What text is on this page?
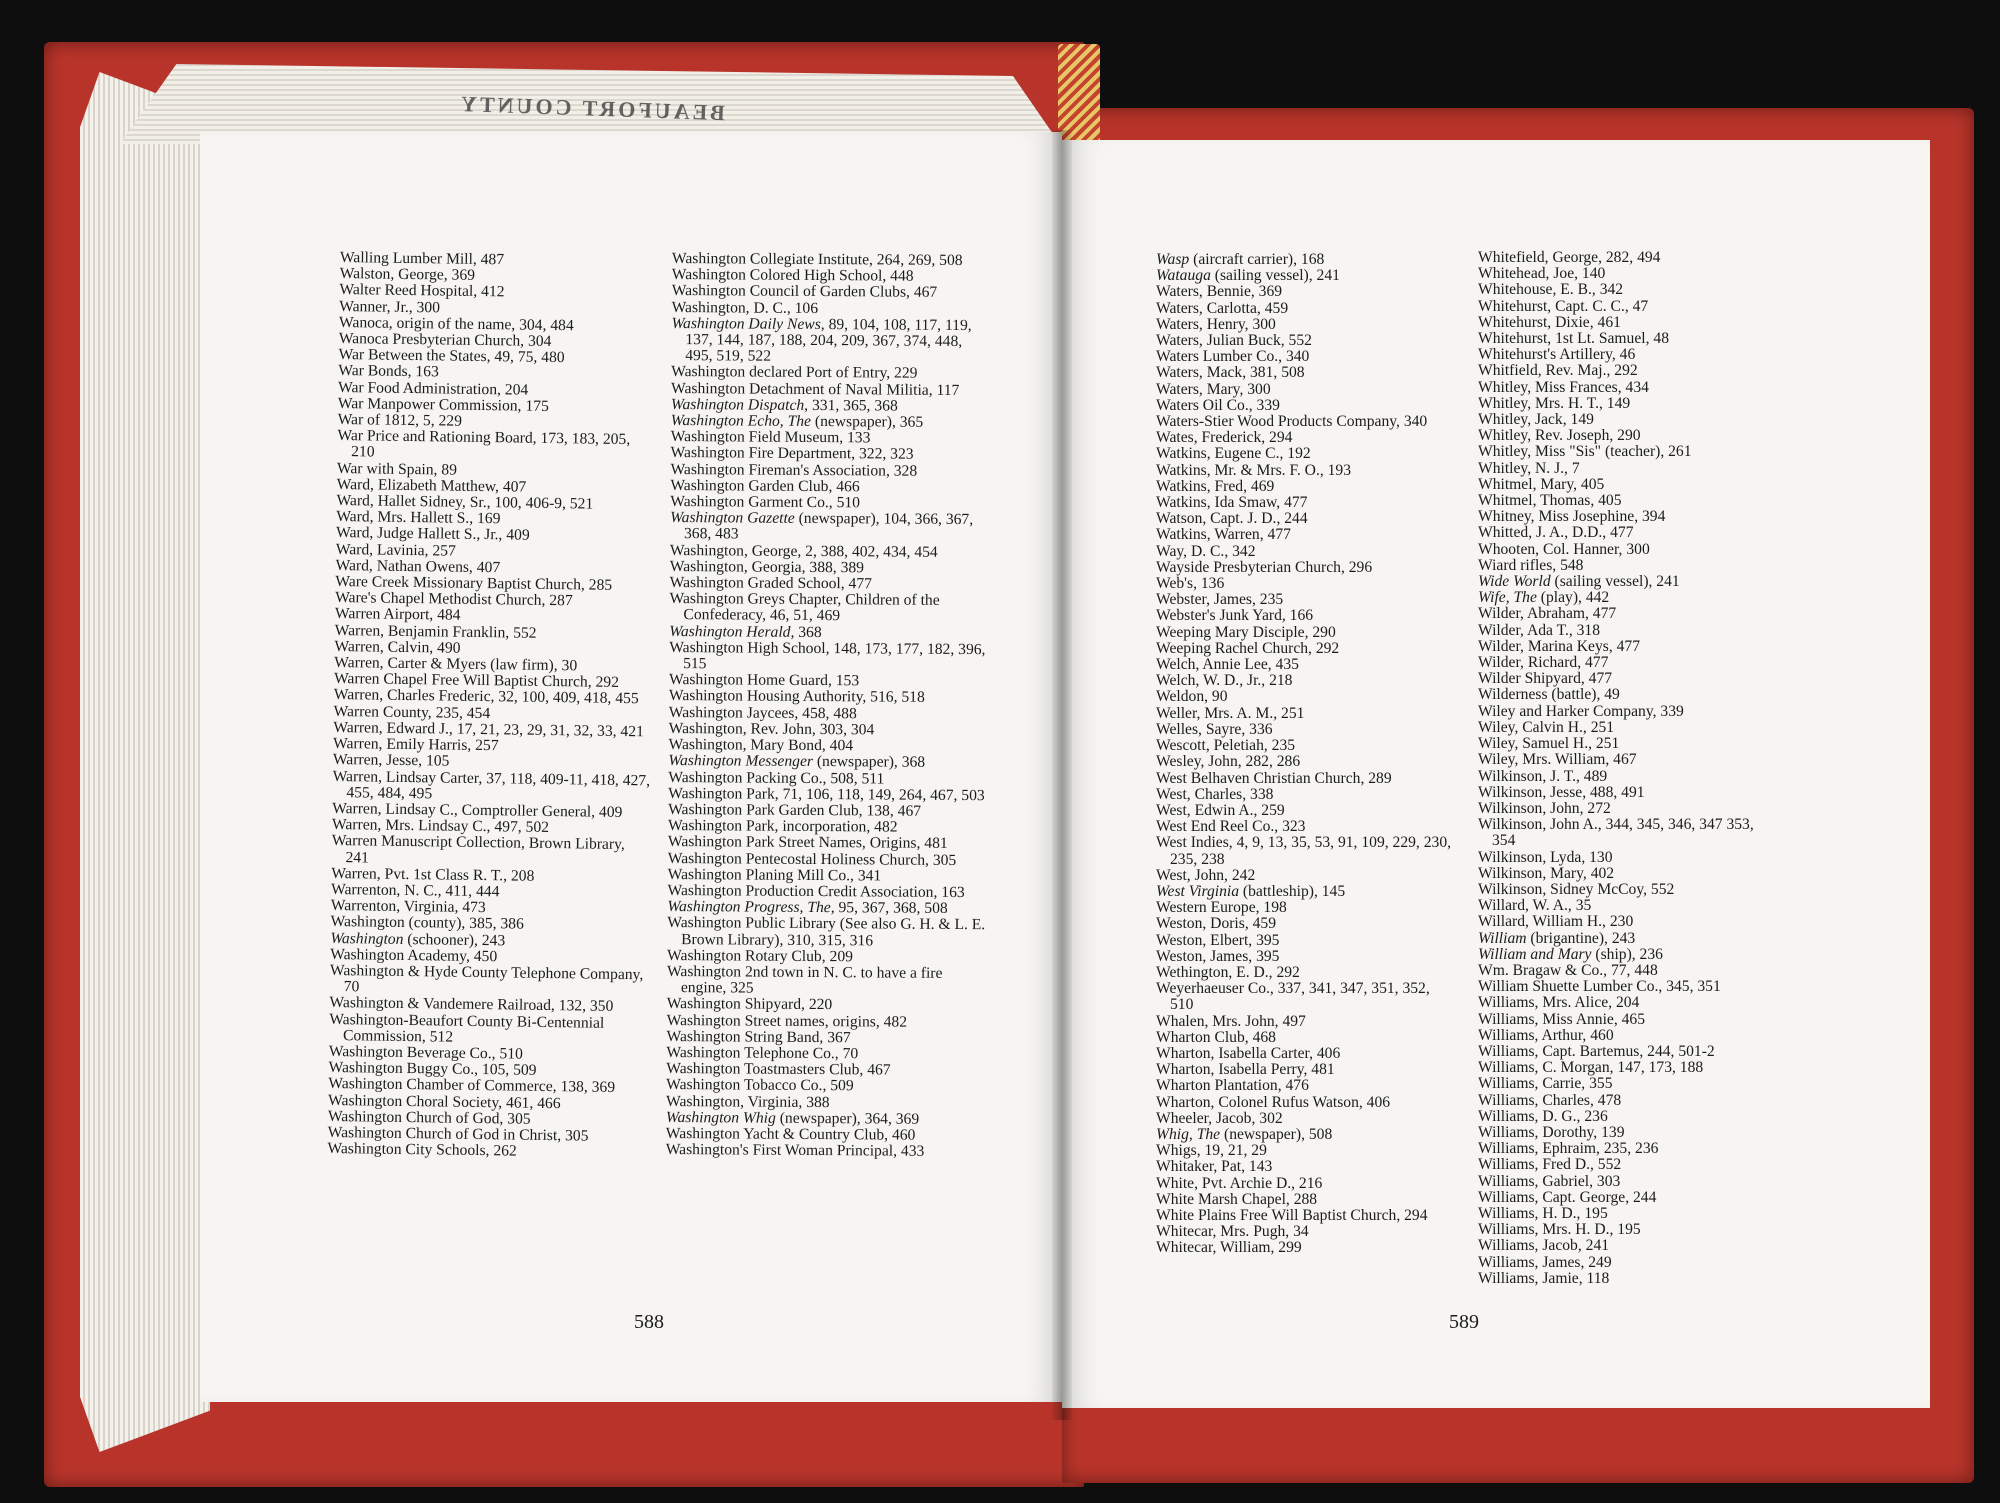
BEAUFORT COUNTY
Walling Lumber Mill, 487
Walston, George, 369
Walter Reed Hospital, 412
Wanner, Jr., 300
Wanoca, origin of the name, 304, 484
Wanoca Presbyterian Church, 304
War Between the States, 49, 75, 480
War Bonds, 163
War Food Administration, 204
War Manpower Commission, 175
War of 1812, 5, 229
War Price and Rationing Board, 173, 183, 205, 210
War with Spain, 89
Ward, Elizabeth Matthew, 407
Ward, Hallet Sidney, Sr., 100, 406-9, 521
Ward, Mrs. Hallett S., 169
Ward, Judge Hallett S., Jr., 409
Ward, Lavinia, 257
Ward, Nathan Owens, 407
Ware Creek Missionary Baptist Church, 285
Ware's Chapel Methodist Church, 287
Warren Airport, 484
Warren, Benjamin Franklin, 552
Warren, Calvin, 490
Warren, Carter & Myers (law firm), 30
Warren Chapel Free Will Baptist Church, 292
Warren, Charles Frederic, 32, 100, 409, 418, 455
Warren County, 235, 454
Warren, Edward J., 17, 21, 23, 29, 31, 32, 33, 421
Warren, Emily Harris, 257
Warren, Jesse, 105
Warren, Lindsay Carter, 37, 118, 409-11, 418, 427, 455, 484, 495
Warren, Lindsay C., Comptroller General, 409
Warren, Mrs. Lindsay C., 497, 502
Warren Manuscript Collection, Brown Library, 241
Warren, Pvt. 1st Class R. T., 208
Warrenton, N. C., 411, 444
Warrenton, Virginia, 473
Washington (county), 385, 386
Washington (schooner), 243
Washington Academy, 450
Washington & Hyde County Telephone Company, 70
Washington & Vandemere Railroad, 132, 350
Washington-Beaufort County Bi-Centennial Commission, 512
Washington Beverage Co., 510
Washington Buggy Co., 105, 509
Washington Chamber of Commerce, 138, 369
Washington Choral Society, 461, 466
Washington Church of God, 305
Washington Church of God in Christ, 305
Washington City Schools, 262
Washington Collegiate Institute, 264, 269, 508
Washington Colored High School, 448
Washington Council of Garden Clubs, 467
Washington, D. C., 106
Washington Daily News, 89, 104, 108, 117, 119, 137, 144, 187, 188, 204, 209, 367, 374, 448, 495, 519, 522
Washington declared Port of Entry, 229
Washington Detachment of Naval Militia, 117
Washington Dispatch, 331, 365, 368
Washington Echo, The (newspaper), 365
Washington Field Museum, 133
Washington Fire Department, 322, 323
Washington Fireman's Association, 328
Washington Garden Club, 466
Washington Garment Co., 510
Washington Gazette (newspaper), 104, 366, 367, 368, 483
Washington, George, 2, 388, 402, 434, 454
Washington, Georgia, 388, 389
Washington Graded School, 477
Washington Greys Chapter, Children of the Confederacy, 46, 51, 469
Washington Herald, 368
Washington High School, 148, 173, 177, 182, 396, 515
Washington Home Guard, 153
Washington Housing Authority, 516, 518
Washington Jaycees, 458, 488
Washington, Rev. John, 303, 304
Washington, Mary Bond, 404
Washington Messenger (newspaper), 368
Washington Packing Co., 508, 511
Washington Park, 71, 106, 118, 149, 264, 467, 503
Washington Park Garden Club, 138, 467
Washington Park, incorporation, 482
Washington Park Street Names, Origins, 481
Washington Pentecostal Holiness Church, 305
Washington Planing Mill Co., 341
Washington Production Credit Association, 163
Washington Progress, The, 95, 367, 368, 508
Washington Public Library (See also G. H. & L. E. Brown Library), 310, 315, 316
Washington Rotary Club, 209
Washington 2nd town in N. C. to have a fire engine, 325
Washington Shipyard, 220
Washington Street names, origins, 482
Washington String Band, 367
Washington Telephone Co., 70
Washington Toastmasters Club, 467
Washington Tobacco Co., 509
Washington, Virginia, 388
Washington Whig (newspaper), 364, 369
Washington Yacht & Country Club, 460
Washington's First Woman Principal, 433
Wasp (aircraft carrier), 168
Watauga (sailing vessel), 241
Waters, Bennie, 369
Waters, Carlotta, 459
Waters, Henry, 300
Waters, Julian Buck, 552
Waters Lumber Co., 340
Waters, Mack, 381, 508
Waters, Mary, 300
Waters Oil Co., 339
Waters-Stier Wood Products Company, 340
Wates, Frederick, 294
Watkins, Eugene C., 192
Watkins, Mr. & Mrs. F. O., 193
Watkins, Fred, 469
Watkins, Ida Smaw, 477
Watson, Capt. J. D., 244
Watkins, Warren, 477
Way, D. C., 342
Wayside Presbyterian Church, 296
Web's, 136
Webster, James, 235
Webster's Junk Yard, 166
Weeping Mary Disciple, 290
Weeping Rachel Church, 292
Welch, Annie Lee, 435
Welch, W. D., Jr., 218
Weldon, 90
Weller, Mrs. A. M., 251
Welles, Sayre, 336
Wescott, Peletiah, 235
Wesley, John, 282, 286
West Belhaven Christian Church, 289
West, Charles, 338
West, Edwin A., 259
West End Reel Co., 323
West Indies, 4, 9, 13, 35, 53, 91, 109, 229, 230, 235, 238
West, John, 242
West Virginia (battleship), 145
Western Europe, 198
Weston, Doris, 459
Weston, Elbert, 395
Weston, James, 395
Wethington, E. D., 292
Weyerhaeuser Co., 337, 341, 347, 351, 352, 510
Whalen, Mrs. John, 497
Wharton Club, 468
Wharton, Isabella Carter, 406
Wharton, Isabella Perry, 481
Wharton Plantation, 476
Wharton, Colonel Rufus Watson, 406
Wheeler, Jacob, 302
Whig, The (newspaper), 508
Whigs, 19, 21, 29
Whitaker, Pat, 143
White, Pvt. Archie D., 216
White Marsh Chapel, 288
White Plains Free Will Baptist Church, 294
Whitecar, Mrs. Pugh, 34
Whitecar, William, 299
Whitefield, George, 282, 494
Whitehead, Joe, 140
Whitehouse, E. B., 342
Whitehurst, Capt. C. C., 47
Whitehurst, Dixie, 461
Whitehurst, 1st Lt. Samuel, 48
Whitehurst's Artillery, 46
Whitfield, Rev. Maj., 292
Whitley, Miss Frances, 434
Whitley, Mrs. H. T., 149
Whitley, Jack, 149
Whitley, Rev. Joseph, 290
Whitley, Miss "Sis" (teacher), 261
Whitley, N. J., 7
Whitmel, Mary, 405
Whitmel, Thomas, 405
Whitney, Miss Josephine, 394
Whitted, J. A., D.D., 477
Whooten, Col. Hanner, 300
Wiard rifles, 548
Wide World (sailing vessel), 241
Wife, The (play), 442
Wilder, Abraham, 477
Wilder, Ada T., 318
Wilder, Marina Keys, 477
Wilder, Richard, 477
Wilder Shipyard, 477
Wilderness (battle), 49
Wiley and Harker Company, 339
Wiley, Calvin H., 251
Wiley, Samuel H., 251
Wiley, Mrs. William, 467
Wilkinson, J. T., 489
Wilkinson, Jesse, 488, 491
Wilkinson, John, 272
Wilkinson, John A., 344, 345, 346, 347 353, 354
Wilkinson, Lyda, 130
Wilkinson, Mary, 402
Wilkinson, Sidney McCoy, 552
Willard, W. A., 35
Willard, William H., 230
William (brigantine), 243
William and Mary (ship), 236
Wm. Bragaw & Co., 77, 448
William Shuette Lumber Co., 345, 351
Williams, Mrs. Alice, 204
Williams, Miss Annie, 465
Williams, Arthur, 460
Williams, Capt. Bartemus, 244, 501-2
Williams, C. Morgan, 147, 173, 188
Williams, Carrie, 355
Williams, Charles, 478
Williams, D. G., 236
Williams, Dorothy, 139
Williams, Ephraim, 235, 236
Williams, Fred D., 552
Williams, Gabriel, 303
Williams, Capt. George, 244
Williams, H. D., 195
Williams, Mrs. H. D., 195
Williams, Jacob, 241
Williams, James, 249
Williams, Jamie, 118
588	589
